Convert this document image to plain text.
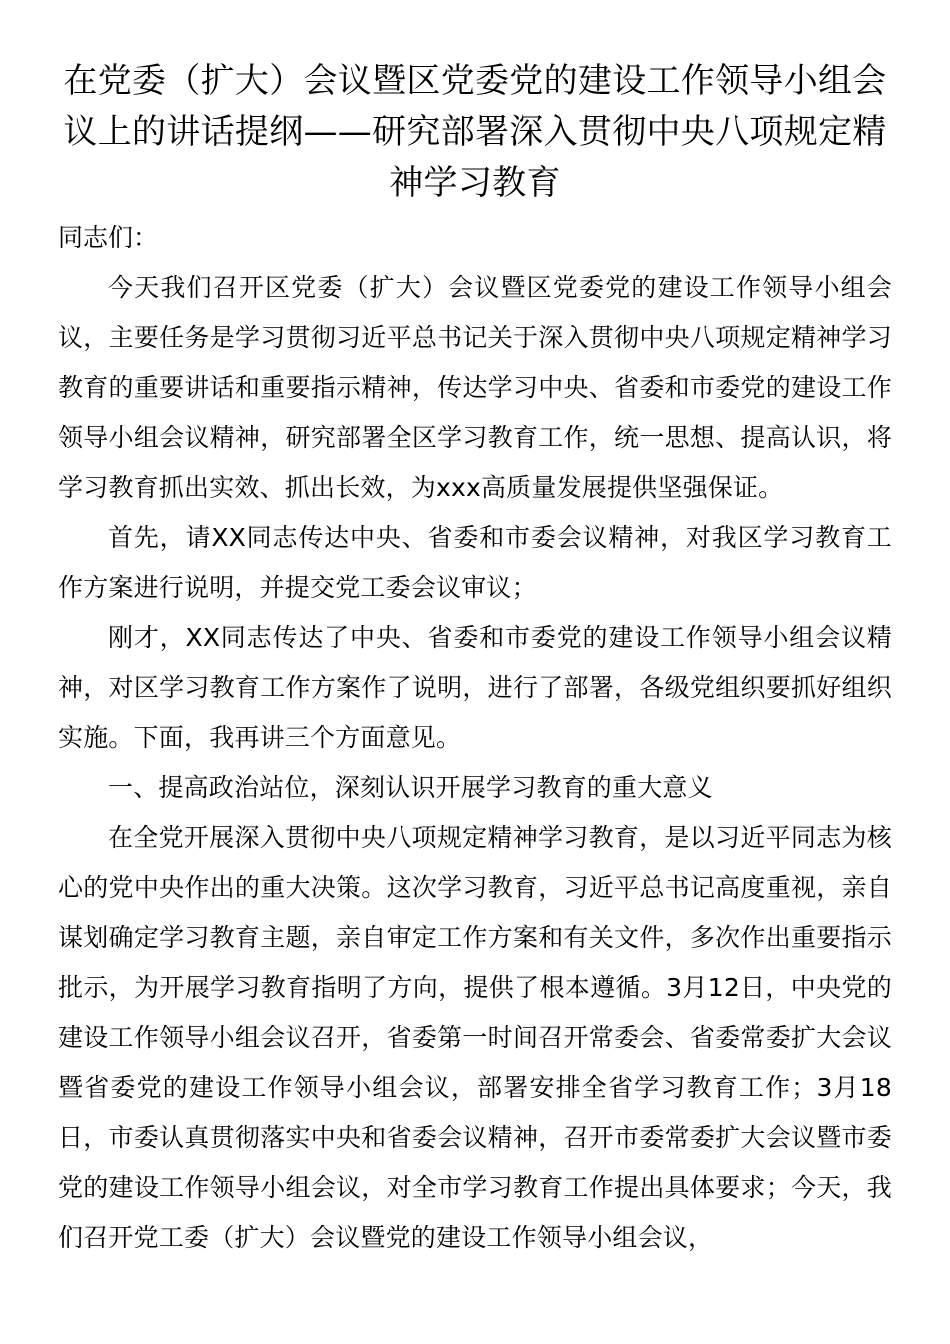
在党委（扩大）会议暨区党委党的建设工作领导小组会议上的讲话提纲——研究部署深入贯彻中央八项规定精神学习教育

同志们：

今天我们召开区党委（扩大）会议暨区党委党的建设工作领导小组会议，主要任务是学习贯彻习近平总书记关于深入贯彻中央八项规定精神学习教育的重要讲话和重要指示精神，传达学习中央、省委和市委党的建设工作领导小组会议精神，研究部署全区学习教育工作，统一思想、提高认识，将学习教育抓出实效、抓出长效，为xxx高质量发展提供坚强保证。

首先，请XX同志传达中央、省委和市委会议精神，对我区学习教育工作方案进行说明，并提交党工委会议审议；

刚才，XX同志传达了中央、省委和市委党的建设工作领导小组会议精神，对区学习教育工作方案作了说明，进行了部署，各级党组织要抓好组织实施。下面，我再讲三个方面意见。

一、提高政治站位，深刻认识开展学习教育的重大意义

在全党开展深入贯彻中央八项规定精神学习教育，是以习近平同志为核心的党中央作出的重大决策。这次学习教育，习近平总书记高度重视，亲自谋划确定学习教育主题，亲自审定工作方案和有关文件，多次作出重要指示批示，为开展学习教育指明了方向，提供了根本遵循。3月12日，中央党的建设工作领导小组会议召开，省委第一时间召开常委会、省委常委扩大会议暨省委党的建设工作领导小组会议，部署安排全省学习教育工作；3月18日，市委认真贯彻落实中央和省委会议精神，召开市委常委扩大会议暨市委党的建设工作领导小组会议，对全市学习教育工作提出具体要求；今天，我们召开党工委（扩大）会议暨党的建设工作领导小组会议，
